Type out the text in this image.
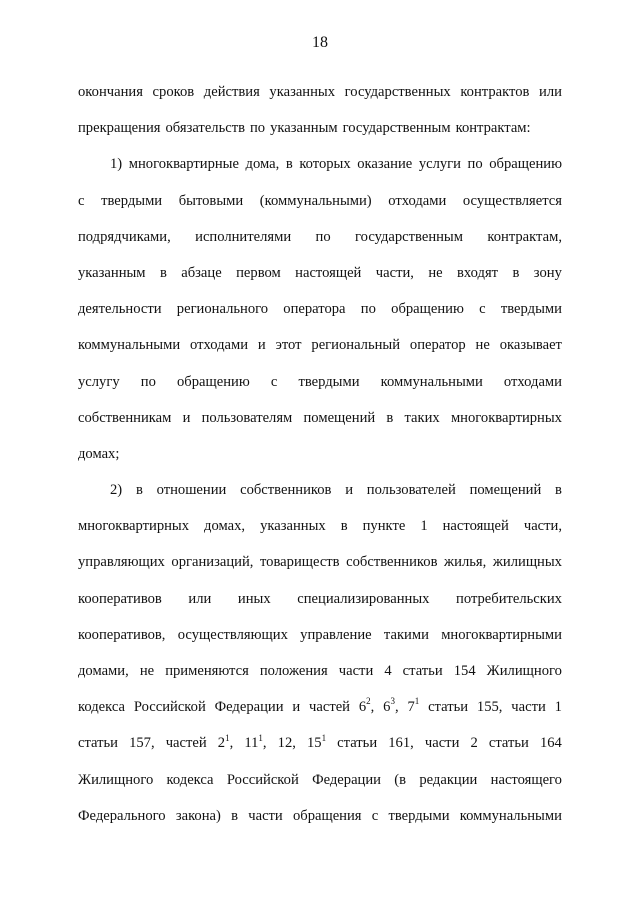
18
окончания сроков действия указанных государственных контрактов или
прекращения обязательств по указанным государственным контрактам:
1) многоквартирные дома, в которых оказание услуги по обращению
с твердыми бытовыми (коммунальными) отходами осуществляется
подрядчиками, исполнителями по государственным контрактам,
указанным в абзаце первом настоящей части, не входят в зону
деятельности регионального оператора по обращению с твердыми
коммунальными отходами и этот региональный оператор не оказывает
услугу по обращению с твердыми коммунальными отходами
собственникам и пользователям помещений в таких многоквартирных
домах;
2) в отношении собственников и пользователей помещений в
многоквартирных домах, указанных в пункте 1 настоящей части,
управляющих организаций, товариществ собственников жилья, жилищных
кооперативов или иных специализированных потребительских
кооперативов, осуществляющих управление такими многоквартирными
домами, не применяются положения части 4 статьи 154 Жилищного
кодекса Российской Федерации и частей $6^2$, $6^3$, $7^1$ статьи 155, части 1
статьи 157, частей $2^1$, $11^1$, 12, $15^1$ статьи 161, части 2 статьи 164
Жилищного кодекса Российской Федерации (в редакции настоящего
Федерального закона) в части обращения с твердыми коммунальными
